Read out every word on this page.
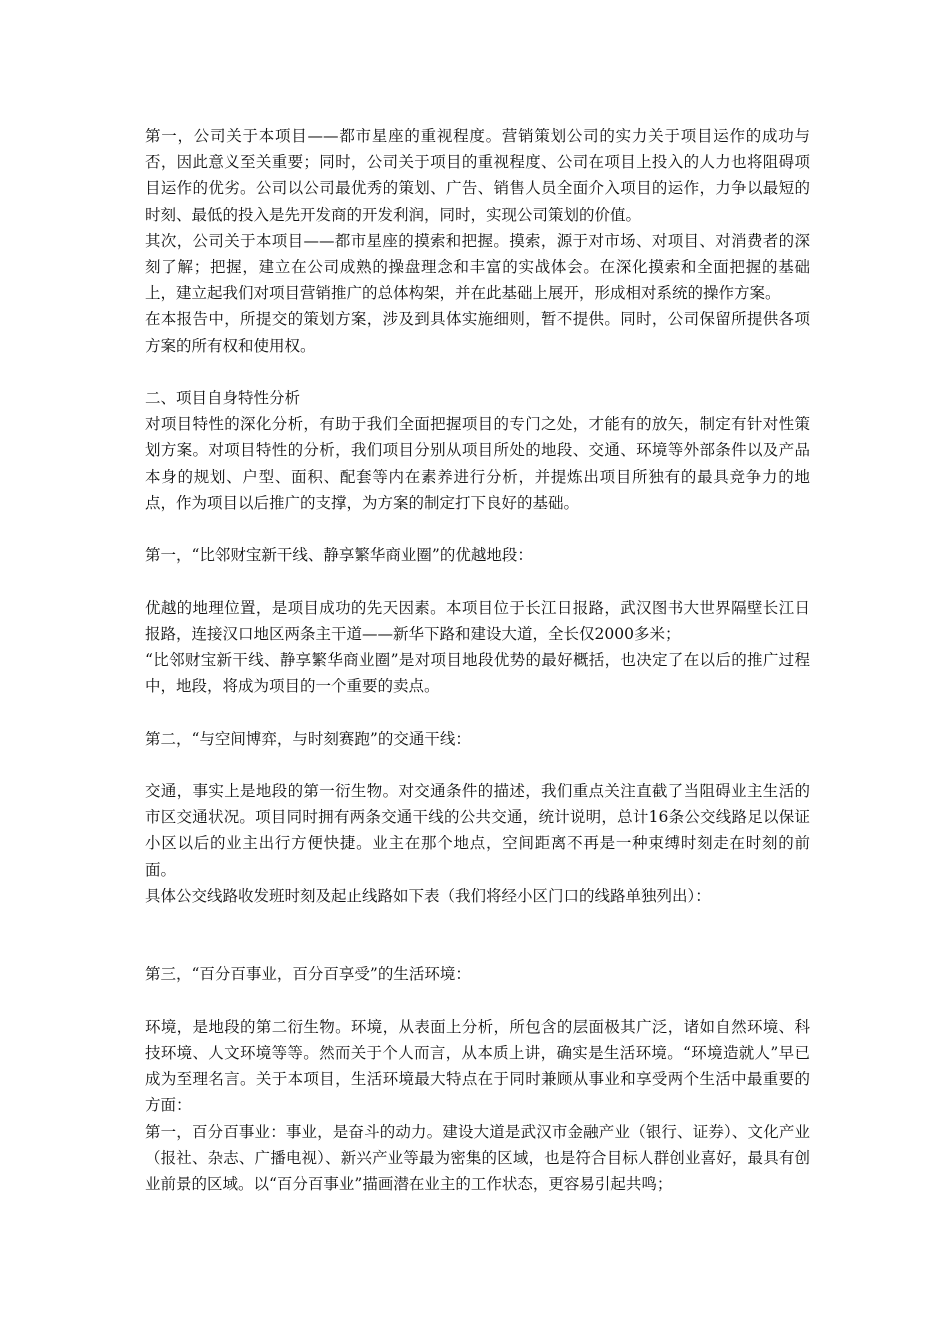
第一，公司关于本项目——都市星座的重视程度。营销策划公司的实力关于项目运作的成功与否，因此意义至关重要；同时，公司关于项目的重视程度、公司在项目上投入的人力也将阻碍项目运作的优劣。公司以公司最优秀的策划、广告、销售人员全面介入项目的运作，力争以最短的时刻、最低的投入是先开发商的开发利润，同时，实现公司策划的价值。

其次，公司关于本项目——都市星座的摸索和把握。摸索，源于对市场、对项目、对消费者的深刻了解；把握，建立在公司成熟的操盘理念和丰富的实战体会。在深化摸索和全面把握的基础上，建立起我们对项目营销推广的总体构架，并在此基础上展开，形成相对系统的操作方案。

在本报告中，所提交的策划方案，涉及到具体实施细则，暂不提供。同时，公司保留所提供各项方案的所有权和使用权。

二、项目自身特性分析

对项目特性的深化分析，有助于我们全面把握项目的专门之处，才能有的放矢，制定有针对性策划方案。对项目特性的分析，我们项目分别从项目所处的地段、交通、环境等外部条件以及产品本身的规划、户型、面积、配套等内在素养进行分析，并提炼出项目所独有的最具竞争力的地点，作为项目以后推广的支撑，为方案的制定打下良好的基础。

第一，“比邻财宝新干线、静享繁华商业圈”的优越地段：

优越的地理位置，是项目成功的先天因素。本项目位于长江日报路，武汉图书大世界隔壁长江日报路，连接汉口地区两条主干道——新华下路和建设大道，全长仅2000多米；

“比邻财宝新干线、静享繁华商业圈”是对项目地段优势的最好概括，也决定了在以后的推广过程中，地段，将成为项目的一个重要的卖点。

第二，“与空间博弈，与时刻赛跑”的交通干线：

交通，事实上是地段的第一衍生物。对交通条件的描述，我们重点关注直截了当阻碍业主生活的市区交通状况。项目同时拥有两条交通干线的公共交通，统计说明，总计16条公交线路足以保证小区以后的业主出行方便快捷。业主在那个地点，空间距离不再是一种束缚时刻走在时刻的前面。

具体公交线路收发班时刻及起止线路如下表（我们将经小区门口的线路单独列出）：

第三，“百分百事业，百分百享受”的生活环境：

环境，是地段的第二衍生物。环境，从表面上分析，所包含的层面极其广泛，诸如自然环境、科技环境、人文环境等等。然而关于个人而言，从本质上讲，确实是生活环境。“环境造就人”早已成为至理名言。关于本项目，生活环境最大特点在于同时兼顾从事业和享受两个生活中最重要的方面：

第一，百分百事业：事业，是奋斗的动力。建设大道是武汉市金融产业（银行、证券）、文化产业（报社、杂志、广播电视）、新兴产业等最为密集的区域，也是符合目标人群创业喜好，最具有创业前景的区域。以“百分百事业”描画潜在业主的工作状态，更容易引起共鸣；
